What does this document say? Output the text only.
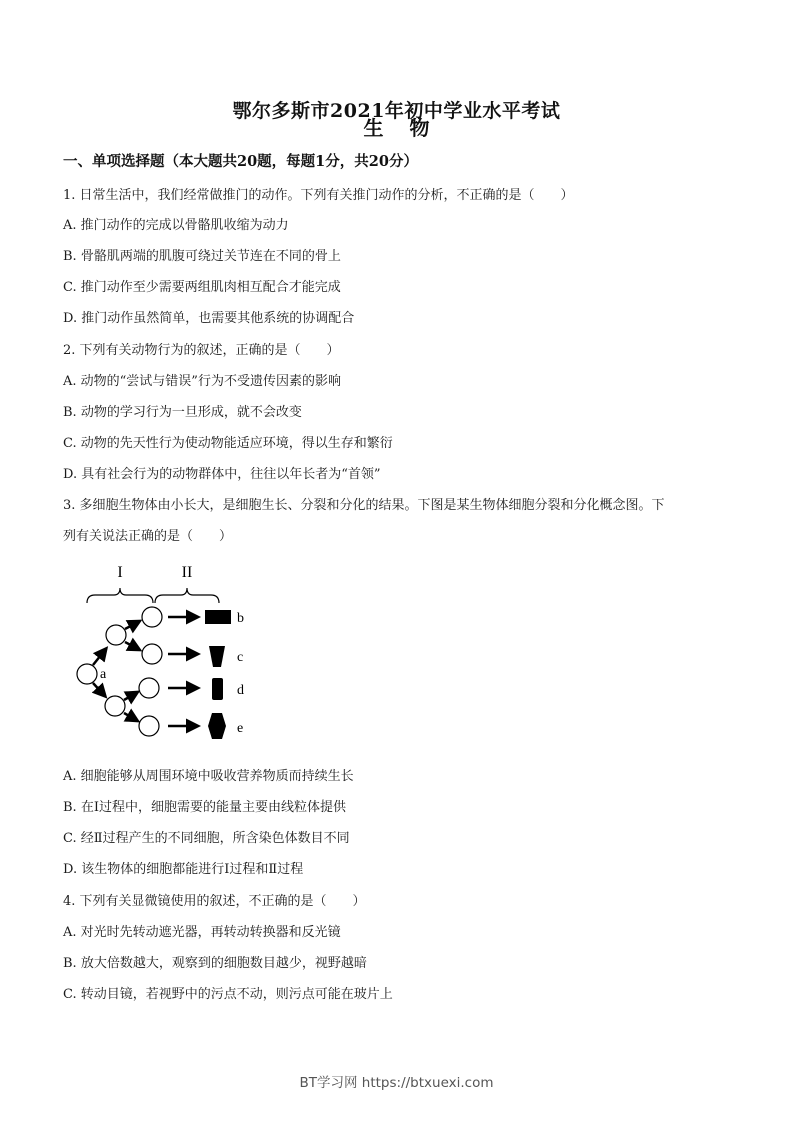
鄂尔多斯市2021年初中学业水平考试
生物
一、单项选择题（本大题共20题，每题1分，共20分）
1. 日常生活中，我们经常做推门的动作。下列有关推门动作的分析，不正确的是（　　）
A. 推门动作的完成以骨骼肌收缩为动力
B. 骨骼肌两端的肌腹可绕过关节连在不同的骨上
C. 推门动作至少需要两组肌肉相互配合才能完成
D. 推门动作虽然简单，也需要其他系统的协调配合
2. 下列有关动物行为的叙述，正确的是（　　）
A. 动物的“尝试与错误”行为不受遗传因素的影响
B. 动物的学习行为一旦形成，就不会改变
C. 动物的先天性行为使动物能适应环境，得以生存和繁衍
D. 具有社会行为的动物群体中，往往以年长者为“首领”
3. 多细胞生物体由小长大，是细胞生长、分裂和分化的结果。下图是某生物体细胞分裂和分化概念图。下
列有关说法正确的是（　　）
I	II
a
b
c
d
e
A. 细胞能够从周围环境中吸收营养物质而持续生长
B. 在Ⅰ过程中，细胞需要的能量主要由线粒体提供
C. 经Ⅱ过程产生的不同细胞，所含染色体数目不同
D. 该生物体的细胞都能进行Ⅰ过程和Ⅱ过程
4. 下列有关显微镜使用的叙述，不正确的是（　　）
A. 对光时先转动遮光器，再转动转换器和反光镜
B. 放大倍数越大，观察到的细胞数目越少，视野越暗
C. 转动目镜，若视野中的污点不动，则污点可能在玻片上
BT学习网 https://btxuexi.com
